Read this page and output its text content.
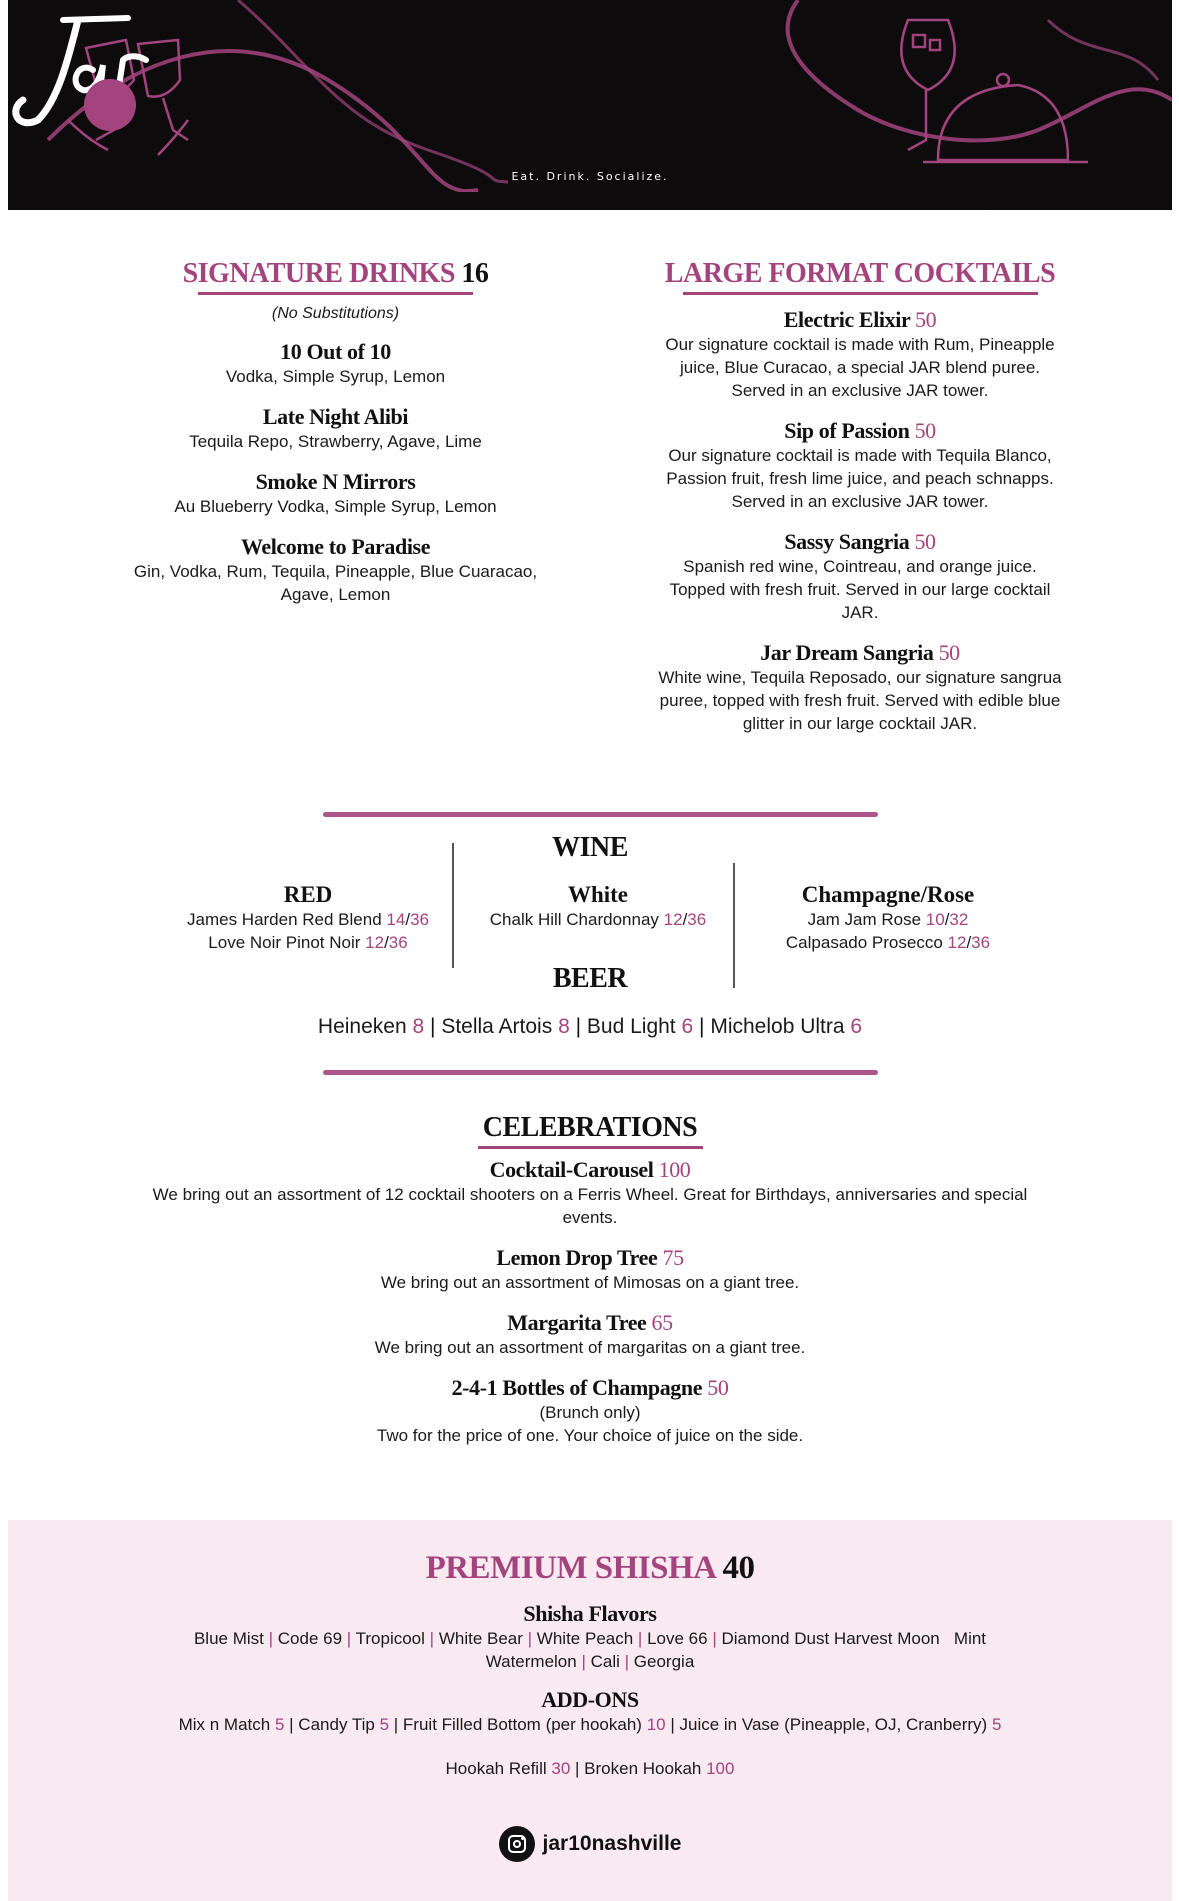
10
Eat. Drink. Socialize.
SIGNATURE DRINKS 16
(No Substitutions)
10 Out of 10
Vodka, Simple Syrup, Lemon
Late Night Alibi
Tequila Repo, Strawberry, Agave, Lime
Smoke N Mirrors
Au Blueberry Vodka, Simple Syrup, Lemon
Welcome to Paradise
Gin, Vodka, Rum, Tequila, Pineapple, Blue Cuaracao, Agave, Lemon
LARGE FORMAT COCKTAILS
Electric Elixir 50
Our signature cocktail is made with Rum, Pineapple juice, Blue Curacao, a special JAR blend puree. Served in an exclusive JAR tower.
Sip of Passion 50
Our signature cocktail is made with Tequila Blanco, Passion fruit, fresh lime juice, and peach schnapps. Served in an exclusive JAR tower.
Sassy Sangria 50
Spanish red wine, Cointreau, and orange juice. Topped with fresh fruit. Served in our large cocktail JAR.
Jar Dream Sangria 50
White wine, Tequila Reposado, our signature sangrua puree, topped with fresh fruit. Served with edible blue glitter in our large cocktail JAR.
WINE
RED
James Harden Red Blend 14/36
Love Noir Pinot Noir 12/36
White
Chalk Hill Chardonnay 12/36
Champagne/Rose
Jam Jam Rose 10/32
Calpasado Prosecco 12/36
BEER
Heineken 8 | Stella Artois 8 | Bud Light 6 | Michelob Ultra 6
CELEBRATIONS
Cocktail-Carousel 100
We bring out an assortment of 12 cocktail shooters on a Ferris Wheel. Great for Birthdays, anniversaries and special events.
Lemon Drop Tree 75
We bring out an assortment of Mimosas on a giant tree.
Margarita Tree 65
We bring out an assortment of margaritas on a giant tree.
2-4-1 Bottles of Champagne 50
(Brunch only)
Two for the price of one. Your choice of juice on the side.
PREMIUM SHISHA 40
Shisha Flavors
Blue Mist | Code 69 | Tropicool | White Bear | White Peach | Love 66 | Diamond Dust Harvest Moon   Mint
Watermelon | Cali | Georgia
ADD-ONS
Mix n Match 5 | Candy Tip 5 | Fruit Filled Bottom (per hookah) 10 | Juice in Vase (Pineapple, OJ, Cranberry) 5
Hookah Refill 30 | Broken Hookah 100
jar10nashville
